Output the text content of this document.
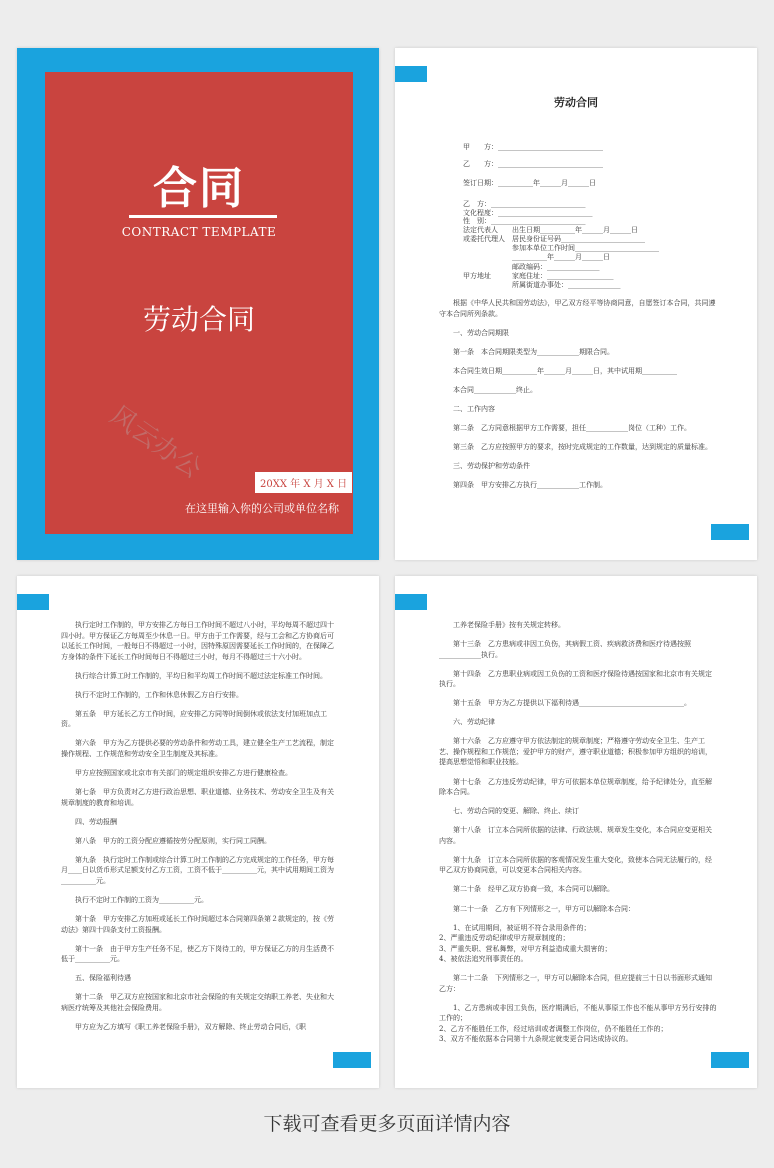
合同
CONTRACT TEMPLATE
劳动合同
风云办公	20XX 年 X 月 X 日
在这里输入你的公司或单位名称
劳动合同
甲　　方：______________________________
乙　　方：______________________________
签订日期：__________年______月______日
乙　方：___________________________
文化程度：___________________________
性　别：___________________________
法定代表人　　出生日期__________年______月______日
或委托代理人　居民身份证号码________________________
　　　　　　　参加本单位工作时间________________________
　　　　　　　__________年______月______日
　　　　　　　邮政编码：_______________
甲方地址　　　家庭住址：___________________
　　　　　　　所属街道办事处：_______________

根据《中华人民共和国劳动法》，甲乙双方经平等协商同意，自愿签订本合同，共同遵守本合同所列条款。

一、劳动合同期限

第一条　本合同期限类型为____________期限合同。

本合同生效日期__________年______月______日，其中试用期__________

本合同____________终止。

二、工作内容

第二条　乙方同意根据甲方工作需要，担任____________岗位（工种）工作。

第三条　乙方应按照甲方的要求，按时完成规定的工作数量，达到规定的质量标准。

三、劳动保护和劳动条件

第四条　甲方安排乙方执行____________工作制。

执行定时工作制的，甲方安排乙方每日工作时间不超过八小时，平均每周不超过四十四小时。甲方保证乙方每周至少休息一日。甲方由于工作需要，经与工会和乙方协商后可以延长工作时间，一般每日不得超过一小时，因特殊原因需要延长工作时间的，在保障乙方身体的条件下延长工作时间每日不得超过三小时，每月不得超过三十六小时。

执行综合计算工时工作制的，平均日和平均周工作时间不超过法定标准工作时间。

执行不定时工作制的，工作和休息休假乙方自行安排。

第五条　甲方延长乙方工作时间，应安排乙方同等时间倒休或依法支付加班加点工资。

第六条　甲方为乙方提供必要的劳动条件和劳动工具，建立健全生产工艺流程，制定操作规程、工作规范和劳动安全卫生制度及其标准。

甲方应按照国家或北京市有关部门的规定组织安排乙方进行健康检查。

第七条　甲方负责对乙方进行政治思想、职业道德、业务技术、劳动安全卫生及有关规章制度的教育和培训。

四、劳动报酬

第八条　甲方的工资分配应遵循按劳分配原则，实行同工同酬。

第九条　执行定时工作制或综合计算工时工作制的乙方完成规定的工作任务，甲方每月____日以货币形式足额支付乙方工资，工资不低于__________元，其中试用期间工资为__________元。

执行不定时工作制的工资为__________元。

第十条　甲方安排乙方加班或延长工作时间超过本合同第四条第２款规定的，按《劳动法》第四十四条支付工资报酬。

第十一条　由于甲方生产任务不足，使乙方下岗待工的，甲方保证乙方的月生活费不低于__________元。

五、保险福利待遇

第十二条　甲乙双方应按国家和北京市社会保险的有关规定交纳职工养老、失业和大病医疗统筹及其他社会保险费用。

甲方应为乙方填写《职工养老保险手册》，双方解除、终止劳动合同后，《职

工养老保险手册》按有关规定转移。

第十三条　乙方患病或非因工负伤，其病假工资、疾病救济费和医疗待遇按照____________执行。

第十四条　乙方患职业病或因工负伤的工资和医疗保险待遇按国家和北京市有关规定执行。

第十五条　甲方为乙方提供以下福利待遇______________________________。

六、劳动纪律

第十六条　乙方应遵守甲方依法制定的规章制度；严格遵守劳动安全卫生、生产工艺、操作规程和工作规范；爱护甲方的财产，遵守职业道德；积极参加甲方组织的培训，提高思想觉悟和职业技能。

第十七条　乙方违反劳动纪律，甲方可依据本单位规章制度，给予纪律处分，直至解除本合同。

七、劳动合同的变更、解除、终止、续订

第十八条　订立本合同所依据的法律、行政法规、规章发生变化，本合同应变更相关内容。

第十九条　订立本合同所依据的客观情况发生重大变化，致使本合同无法履行的，经甲乙双方协商同意，可以变更本合同相关内容。

第二十条　经甲乙双方协商一致，本合同可以解除。

第二十一条　乙方有下列情形之一，甲方可以解除本合同：

1、在试用期间，被证明不符合录用条件的；
2、严重违反劳动纪律或甲方规章制度的；
3、严重失职、营私舞弊，对甲方利益造成重大损害的；
4、被依法追究刑事责任的。

第二十二条　下列情形之一，甲方可以解除本合同，但应提前三十日以书面形式通知乙方：

1、乙方患病或非因工负伤，医疗期满后，不能从事原工作也不能从事甲方另行安排的工作的；
2、乙方不能胜任工作，经过培训或者调整工作岗位，仍不能胜任工作的；
3、双方不能依据本合同第十九条规定就变更合同达成协议的。

下载可查看更多页面详情内容
